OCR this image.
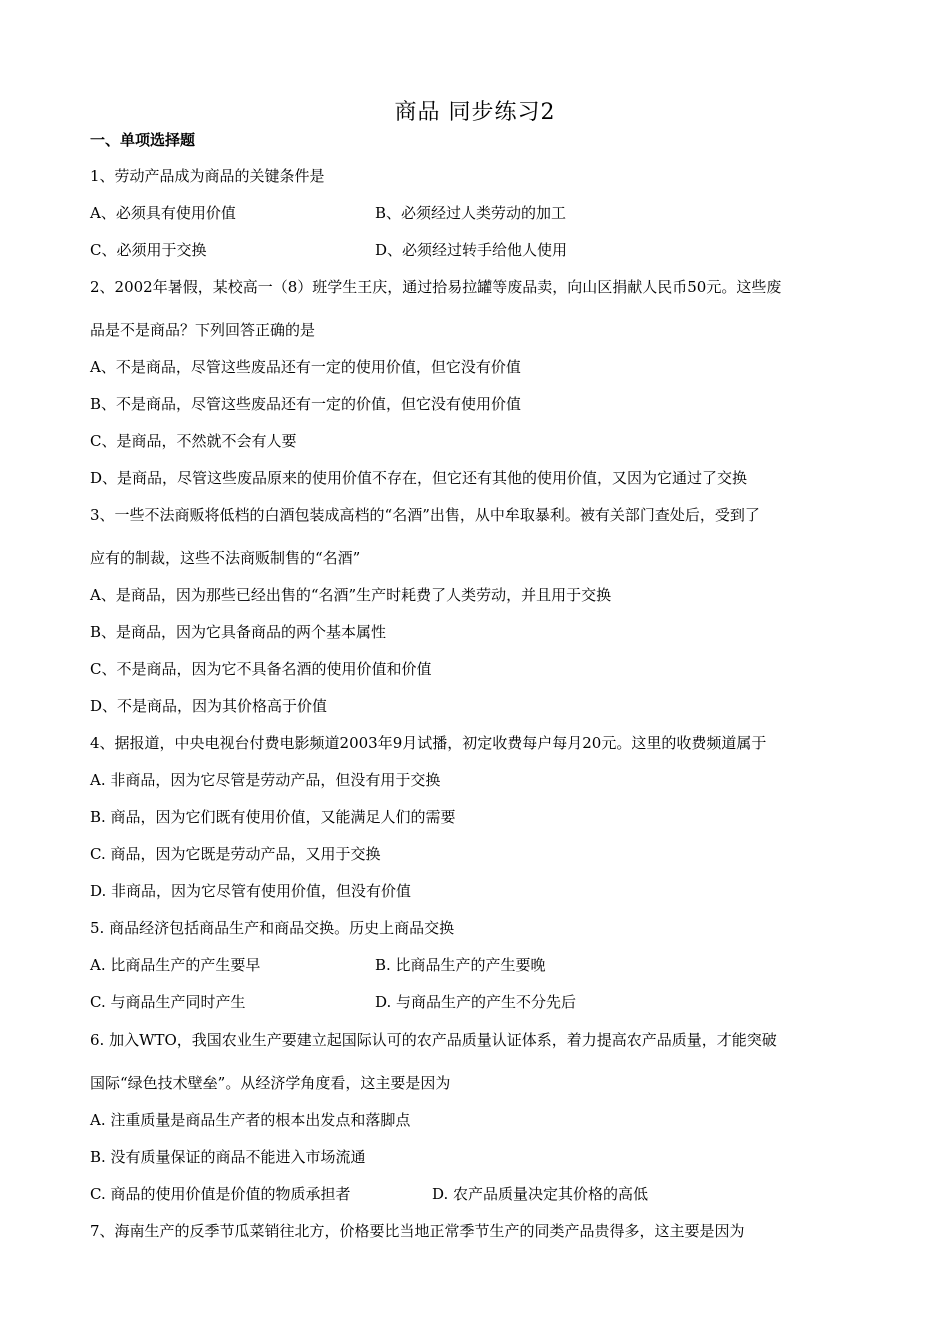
商品 同步练习2
一、单项选择题
1、劳动产品成为商品的关键条件是
A、必须具有使用价值	B、必须经过人类劳动的加工
C、必须用于交换	D、必须经过转手给他人使用
2、2002年暑假，某校高一（8）班学生王庆，通过拾易拉罐等废品卖，向山区捐献人民币50元。这些废
品是不是商品？下列回答正确的是
A、不是商品，尽管这些废品还有一定的使用价值，但它没有价值
B、不是商品，尽管这些废品还有一定的价值，但它没有使用价值
C、是商品，不然就不会有人要
D、是商品，尽管这些废品原来的使用价值不存在，但它还有其他的使用价值，又因为它通过了交换
3、一些不法商贩将低档的白酒包装成高档的“名酒”出售，从中牟取暴利。被有关部门查处后，受到了
应有的制裁，这些不法商贩制售的“名酒”
A、是商品，因为那些已经出售的“名酒”生产时耗费了人类劳动，并且用于交换
B、是商品，因为它具备商品的两个基本属性
C、不是商品，因为它不具备名酒的使用价值和价值
D、不是商品，因为其价格高于价值
4、据报道，中央电视台付费电影频道2003年9月试播，初定收费每户每月20元。这里的收费频道属于
A. 非商品，因为它尽管是劳动产品，但没有用于交换
B. 商品，因为它们既有使用价值，又能满足人们的需要
C. 商品，因为它既是劳动产品，又用于交换
D. 非商品，因为它尽管有使用价值，但没有价值
5. 商品经济包括商品生产和商品交换。历史上商品交换
A. 比商品生产的产生要早	B. 比商品生产的产生要晚
C. 与商品生产同时产生	D. 与商品生产的产生不分先后
6. 加入WTO，我国农业生产要建立起国际认可的农产品质量认证体系，着力提高农产品质量，才能突破
国际“绿色技术壁垒”。从经济学角度看，这主要是因为
A. 注重质量是商品生产者的根本出发点和落脚点
B. 没有质量保证的商品不能进入市场流通
C. 商品的使用价值是价值的物质承担者	D. 农产品质量决定其价格的高低
7、海南生产的反季节瓜菜销往北方，价格要比当地正常季节生产的同类产品贵得多，这主要是因为
